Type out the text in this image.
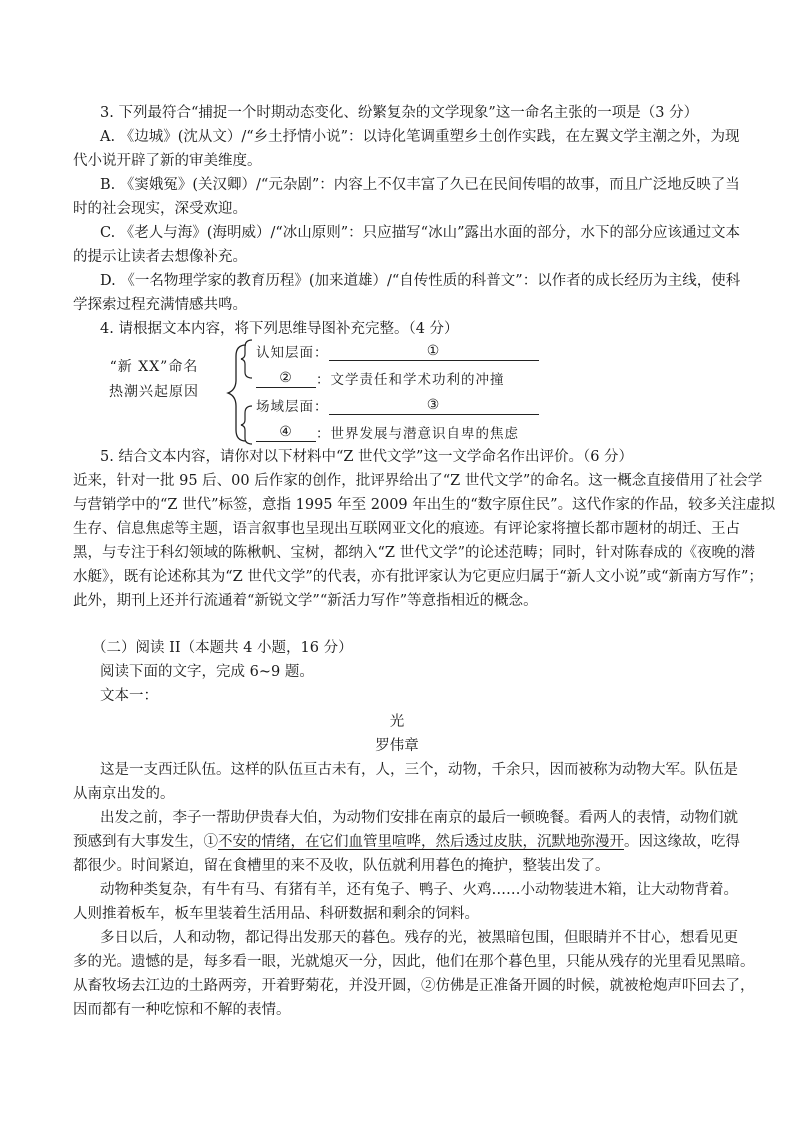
3. 下列最符合“捕捉一个时期动态变化、纷繁复杂的文学现象”这一命名主张的一项是（3 分）
A. 《边城》(沈从文）/“乡土抒情小说”：以诗化笔调重塑乡土创作实践，在左翼文学主潮之外，为现
代小说开辟了新的审美维度。
B. 《窦娥冤》(关汉卿）/“元杂剧”：内容上不仅丰富了久已在民间传唱的故事，而且广泛地反映了当
时的社会现实，深受欢迎。
C. 《老人与海》(海明威）/“冰山原则”：只应描写“冰山”露出水面的部分，水下的部分应该通过文本
的提示让读者去想像补充。
D. 《一名物理学家的教育历程》(加来道雄）/“自传性质的科普文”：以作者的成长经历为主线，使科
学探索过程充满情感共鸣。
4. 请根据文本内容，将下列思维导图补充完整。（4 分）
“新 XX”命名
热潮兴起原因
认知层面：	①
②	：文学责任和学术功利的冲撞
场域层面：	③
④	：世界发展与潜意识自卑的焦虑
5. 结合文本内容，请你对以下材料中“Z 世代文学”这一文学命名作出评价。（6 分）
近来，针对一批 95 后、00 后作家的创作，批评界给出了“Z 世代文学”的命名。这一概念直接借用了社会学
与营销学中的“Z 世代”标签，意指 1995 年至 2009 年出生的“数字原住民”。这代作家的作品，较多关注虚拟
生存、信息焦虑等主题，语言叙事也呈现出互联网亚文化的痕迹。有评论家将擅长都市题材的胡迁、王占
黑，与专注于科幻领域的陈楸帆、宝树，都纳入“Z 世代文学”的论述范畴；同时，针对陈春成的《夜晚的潜
水艇》，既有论述称其为“Z 世代文学”的代表，亦有批评家认为它更应归属于“新人文小说”或“新南方写作”；
此外，期刊上还并行流通着“新锐文学”“新活力写作”等意指相近的概念。
（二）阅读 II（本题共 4 小题，16 分）
阅读下面的文字，完成 6~9 题。
文本一：
光
罗伟章
这是一支西迁队伍。这样的队伍亘古未有，人，三个，动物，千余只，因而被称为动物大军。队伍是
从南京出发的。
出发之前，李子一帮助伊贵春大伯，为动物们安排在南京的最后一顿晚餐。看两人的表情，动物们就
预感到有大事发生，①不安的情绪，在它们血管里喧哗，然后透过皮肤，沉默地弥漫开。因这缘故，吃得
都很少。时间紧迫，留在食槽里的来不及收，队伍就利用暮色的掩护，整装出发了。
动物种类复杂，有牛有马、有猪有羊，还有兔子、鸭子、火鸡……小动物装进木箱，让大动物背着。
人则推着板车，板车里装着生活用品、科研数据和剩余的饲料。
多日以后，人和动物，都记得出发那天的暮色。残存的光，被黑暗包围，但眼睛并不甘心，想看见更
多的光。遗憾的是，每多看一眼，光就熄灭一分，因此，他们在那个暮色里，只能从残存的光里看见黑暗。
从畜牧场去江边的土路两旁，开着野菊花，并没开圆，②仿佛是正准备开圆的时候，就被枪炮声吓回去了，
因而都有一种吃惊和不解的表情。
